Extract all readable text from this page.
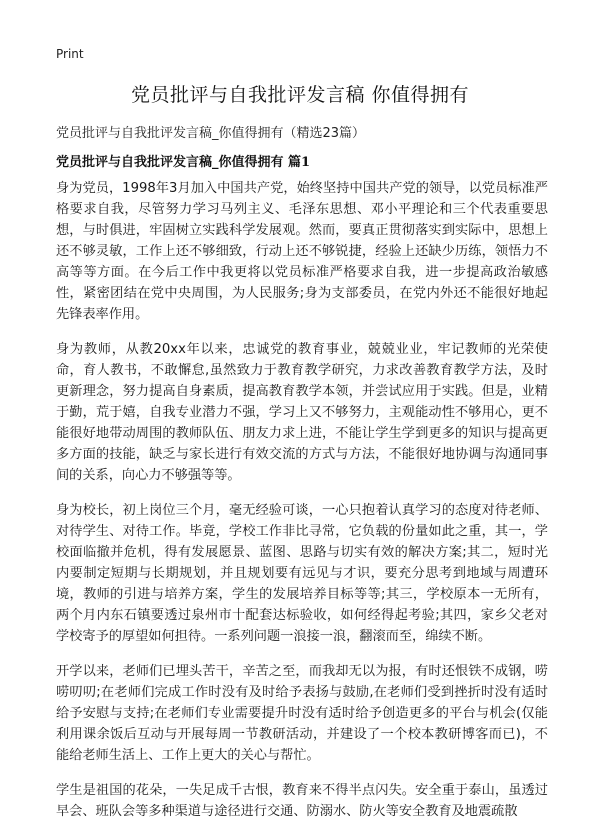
Print
党员批评与自我批评发言稿 你值得拥有
党员批评与自我批评发言稿_你值得拥有（精选23篇）
党员批评与自我批评发言稿_你值得拥有 篇1

身为党员，1998年3月加入中国共产党，始终坚持中国共产党的领导，以党员标准严格要求自我，尽管努力学习马列主义、毛泽东思想、邓小平理论和三个代表重要思想，与时俱进，牢固树立实践科学发展观。然而，要真正贯彻落实到实际中，思想上还不够灵敏，工作上还不够细致，行动上还不够锐捷，经验上还缺少历练，领悟力不高等等方面。在今后工作中我更将以党员标准严格要求自我，进一步提高政治敏感性，紧密团结在党中央周围，为人民服务;身为支部委员，在党内外还不能很好地起先锋表率作用。

身为教师，从教20xx年以来，忠诚党的教育事业，兢兢业业，牢记教师的光荣使命，育人教书，不敢懈怠,虽然致力于教育教学研究，力求改善教育教学方法，及时更新理念，努力提高自身素质，提高教育教学本领，并尝试应用于实践。但是，业精于勤，荒于嬉，自我专业潜力不强，学习上又不够努力，主观能动性不够用心，更不能很好地带动周围的教师队伍、朋友力求上进，不能让学生学到更多的知识与提高更多方面的技能，缺乏与家长进行有效交流的方式与方法，不能很好地协调与沟通同事间的关系，向心力不够强等等。

身为校长，初上岗位三个月，毫无经验可谈，一心只抱着认真学习的态度对待老师、对待学生、对待工作。毕竟，学校工作非比寻常，它负载的份量如此之重，其一，学校面临撤并危机，得有发展愿景、蓝图、思路与切实有效的解决方案;其二，短时光内要制定短期与长期规划，并且规划要有远见与才识，要充分思考到地域与周遭环境，教师的引进与培养方案，学生的发展培养目标等等;其三，学校原本一无所有，两个月内东石镇要透过泉州市十配套达标验收，如何经得起考验;其四，家乡父老对学校寄予的厚望如何担待。一系列问题一浪接一浪，翻滚而至，绵续不断。

开学以来，老师们已埋头苦干，辛苦之至，而我却无以为报，有时还恨铁不成钢，唠唠叨叨;在老师们完成工作时没有及时给予表扬与鼓励,在老师们受到挫折时没有适时给予安慰与支持;在老师们专业需要提升时没有适时给予创造更多的平台与机会(仅能利用课余饭后互动与开展每周一节教研活动，并建设了一个校本教研博客而已)，不能给老师生活上、工作上更大的关心与帮忙。

学生是祖国的花朵，一失足成千古恨，教育来不得半点闪失。安全重于泰山，虽透过早会、班队会等多种渠道与途径进行交通、防溺水、防火等安全教育及地震疏散
